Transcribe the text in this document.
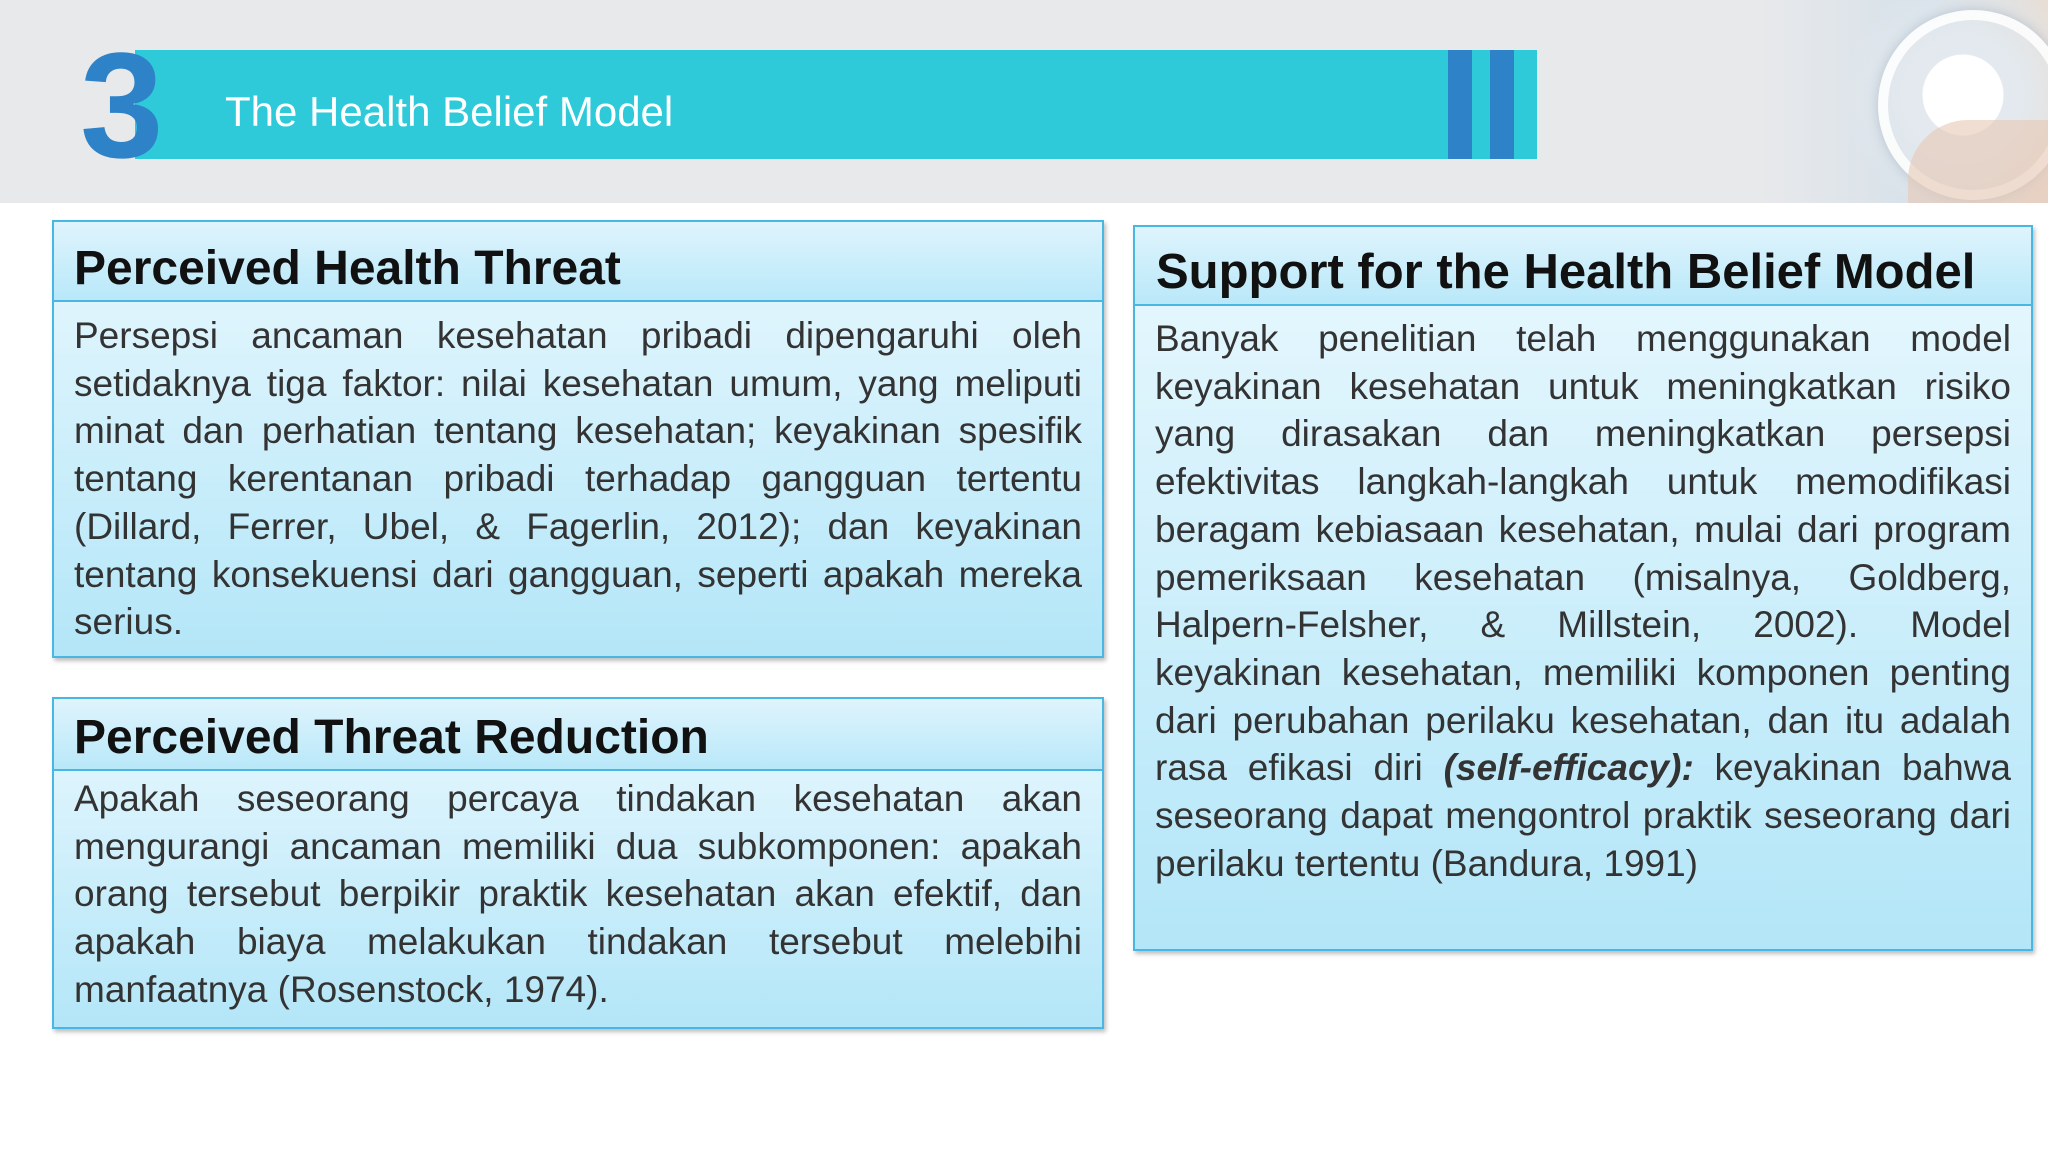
3 The Health Belief Model
Perceived Health Threat

Persepsi ancaman kesehatan pribadi dipengaruhi oleh setidaknya tiga faktor: nilai kesehatan umum, yang meliputi minat dan perhatian tentang kesehatan; keyakinan spesifik tentang kerentanan pribadi terhadap gangguan tertentu (Dillard, Ferrer, Ubel, & Fagerlin, 2012); dan keyakinan tentang konsekuensi dari gangguan, seperti apakah mereka serius.

Perceived Threat Reduction

Apakah seseorang percaya tindakan kesehatan akan mengurangi ancaman memiliki dua subkomponen: apakah orang tersebut berpikir praktik kesehatan akan efektif, dan apakah biaya melakukan tindakan tersebut melebihi manfaatnya (Rosenstock, 1974).

Support for the Health Belief Model

Banyak penelitian telah menggunakan model keyakinan kesehatan untuk meningkatkan risiko yang dirasakan dan meningkatkan persepsi efektivitas langkah-langkah untuk memodifikasi beragam kebiasaan kesehatan, mulai dari program pemeriksaan kesehatan (misalnya, Goldberg, Halpern-Felsher, & Millstein, 2002). Model keyakinan kesehatan, memiliki komponen penting dari perubahan perilaku kesehatan, dan itu adalah rasa efikasi diri (self-efficacy): keyakinan bahwa seseorang dapat mengontrol praktik seseorang dari perilaku tertentu (Bandura, 1991)
